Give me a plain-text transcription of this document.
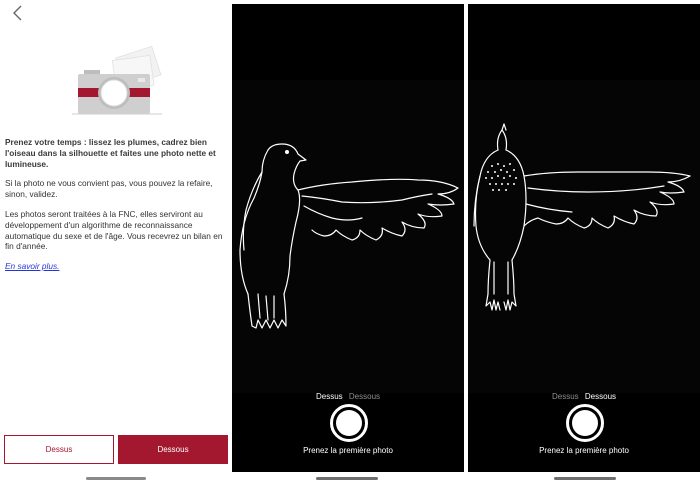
Prenez votre temps : lissez les plumes, cadrez bien l'oiseau dans la silhouette et faites une photo nette et lumineuse.

Si la photo ne vous convient pas, vous pouvez la refaire, sinon, validez.

Les photos seront traitées à la FNC, elles serviront au développement d'un algorithme de reconnaissance automatique du sexe et de l'âge. Vous recevrez un bilan en fin d'année.

En savoir plus.

Dessus	Dessous
Dessus Dessous
Prenez la première photo
Dessus Dessous
Prenez la première photo
